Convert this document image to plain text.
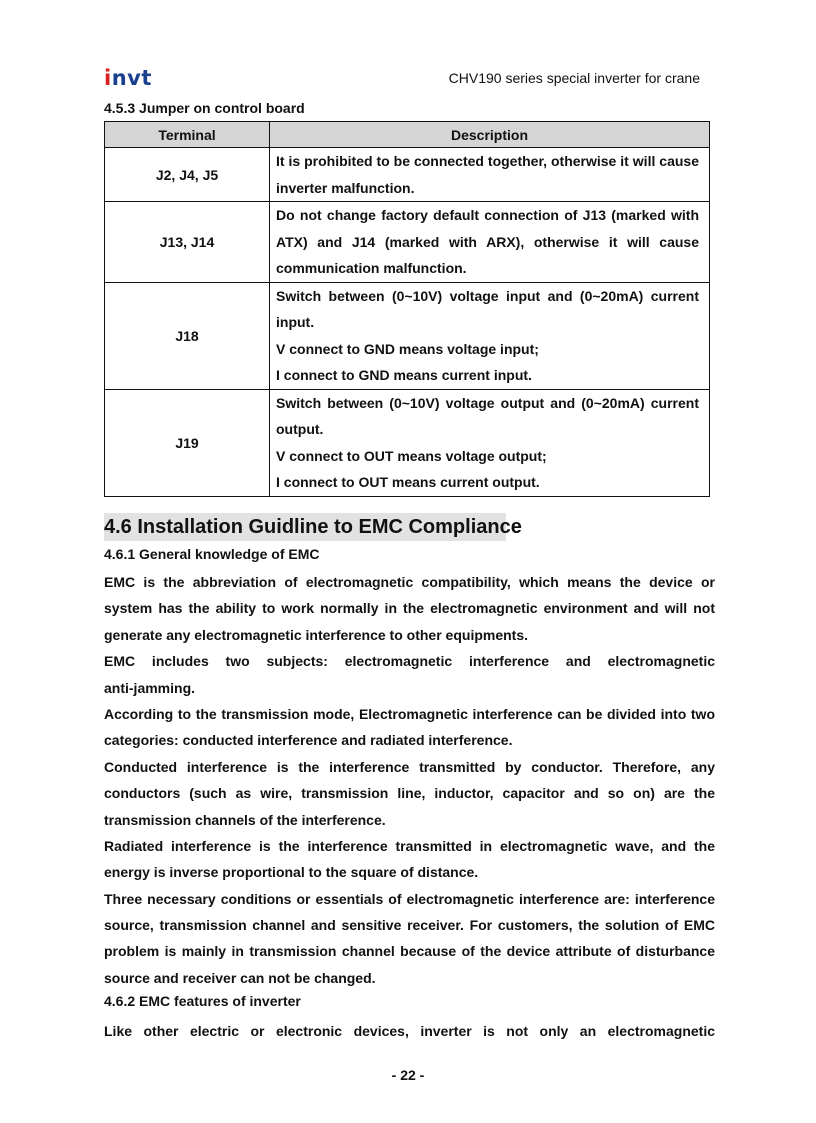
invt	CHV190 series special inverter for crane
4.5.3 Jumper on control board
Terminal	Description
J2, J4, J5	It is prohibited to be connected together, otherwise it will cause
inverter malfunction.

J13, J14	Do not change factory default connection of J13 (marked with
ATX) and J14 (marked with ARX), otherwise it will cause
communication malfunction.

J18	Switch between (0~10V) voltage input and (0~20mA) current
input.
V connect to GND means voltage input;
I connect to GND means current input.

J19	Switch between (0~10V) voltage output and (0~20mA) current
output.
V connect to OUT means voltage output;
I connect to OUT means current output.
4.6 Installation Guidline to EMC Compliance
4.6.1 General knowledge of EMC
EMC is the abbreviation of electromagnetic compatibility, which means the device or
system has the ability to work normally in the electromagnetic environment and will not
generate any electromagnetic interference to other equipments.
EMC includes two subjects: electromagnetic interference and electromagnetic
anti-jamming.
According to the transmission mode, Electromagnetic interference can be divided into two
categories: conducted interference and radiated interference.
Conducted interference is the interference transmitted by conductor. Therefore, any
conductors (such as wire, transmission line, inductor, capacitor and so on) are the
transmission channels of the interference.
Radiated interference is the interference transmitted in electromagnetic wave, and the
energy is inverse proportional to the square of distance.
Three necessary conditions or essentials of electromagnetic interference are: interference
source, transmission channel and sensitive receiver. For customers, the solution of EMC
problem is mainly in transmission channel because of the device attribute of disturbance
source and receiver can not be changed.
4.6.2 EMC features of inverter
Like other electric or electronic devices, inverter is not only an electromagnetic
- 22 -
